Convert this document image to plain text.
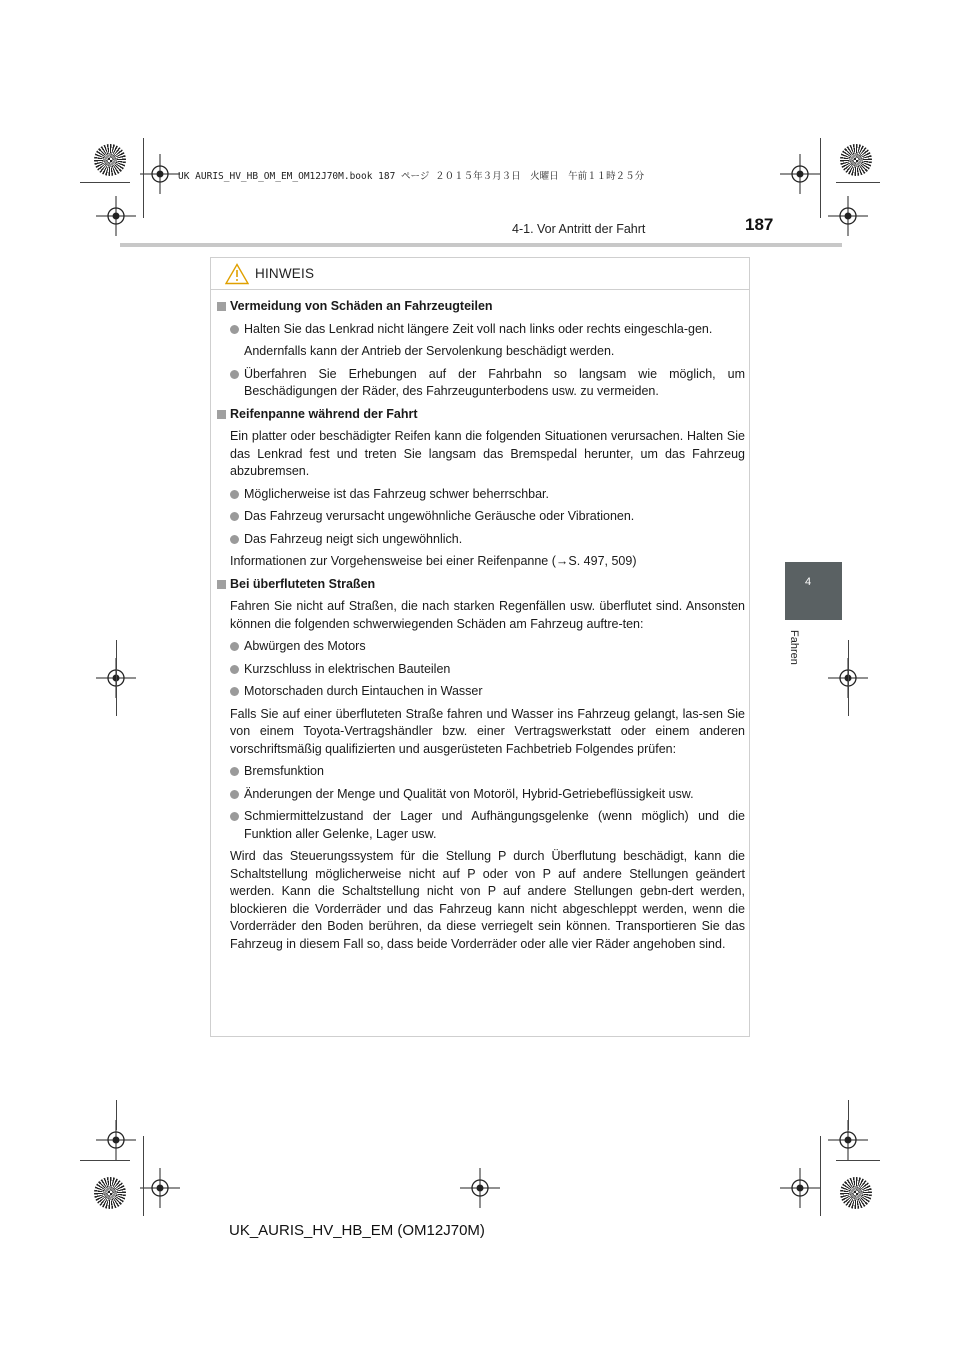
UK AURIS_HV_HB_OM_EM_OM12J70M.book 187 ページ ２０１５年３月３日　火曜日　午前１１時２５分
4-1. Vor Antritt der Fahrt	187
4
Fahren
HINWEIS
Vermeidung von Schäden an Fahrzeugteilen
Halten Sie das Lenkrad nicht längere Zeit voll nach links oder rechts eingeschla-gen.
Andernfalls kann der Antrieb der Servolenkung beschädigt werden.
Überfahren Sie Erhebungen auf der Fahrbahn so langsam wie möglich, um Beschädigungen der Räder, des Fahrzeugunterbodens usw. zu vermeiden.
Reifenpanne während der Fahrt
Ein platter oder beschädigter Reifen kann die folgenden Situationen verursachen. Halten Sie das Lenkrad fest und treten Sie langsam das Bremspedal herunter, um das Fahrzeug abzubremsen.
Möglicherweise ist das Fahrzeug schwer beherrschbar.
Das Fahrzeug verursacht ungewöhnliche Geräusche oder Vibrationen.
Das Fahrzeug neigt sich ungewöhnlich.
Informationen zur Vorgehensweise bei einer Reifenpanne (→S. 497, 509)
Bei überfluteten Straßen
Fahren Sie nicht auf Straßen, die nach starken Regenfällen usw. überflutet sind. Ansonsten können die folgenden schwerwiegenden Schäden am Fahrzeug auftre-ten:
Abwürgen des Motors
Kurzschluss in elektrischen Bauteilen
Motorschaden durch Eintauchen in Wasser
Falls Sie auf einer überfluteten Straße fahren und Wasser ins Fahrzeug gelangt, las-sen Sie von einem Toyota-Vertragshändler bzw. einer Vertragswerkstatt oder einem anderen vorschriftsmäßig qualifizierten und ausgerüsteten Fachbetrieb Folgendes prüfen:
Bremsfunktion
Änderungen der Menge und Qualität von Motoröl, Hybrid-Getriebeflüssigkeit usw.
Schmiermittelzustand der Lager und Aufhängungsgelenke (wenn möglich) und die Funktion aller Gelenke, Lager usw.
Wird das Steuerungssystem für die Stellung P durch Überflutung beschädigt, kann die Schaltstellung möglicherweise nicht auf P oder von P auf andere Stellungen geändert werden. Kann die Schaltstellung nicht von P auf andere Stellungen gebn-dert werden, blockieren die Vorderräder und das Fahrzeug kann nicht abgeschleppt werden, wenn die Vorderräder den Boden berühren, da diese verriegelt sein können. Transportieren Sie das Fahrzeug in diesem Fall so, dass beide Vorderräder oder alle vier Räder angehoben sind.
UK_AURIS_HV_HB_EM (OM12J70M)
